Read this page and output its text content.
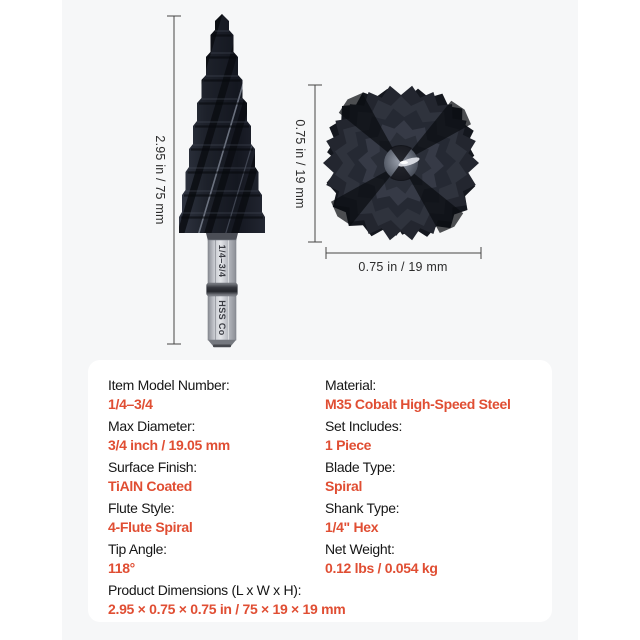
2.95 in / 75 mm
1/4–3/4
HSS Co
0.75 in / 19 mm
0.75 in / 19 mm
Item Model Number:
1/4–3/4
Material:
M35 Cobalt High-Speed Steel
Max Diameter:
3/4 inch / 19.05 mm
Set Includes:
1 Piece
Surface Finish:
TiAlN Coated
Blade Type:
Spiral
Flute Style:
4-Flute Spiral
Shank Type:
1/4" Hex
Tip Angle:
118°
Net Weight:
0.12 lbs / 0.054 kg
Product Dimensions (L x W x H):
2.95 × 0.75 × 0.75 in / 75 × 19 × 19 mm
